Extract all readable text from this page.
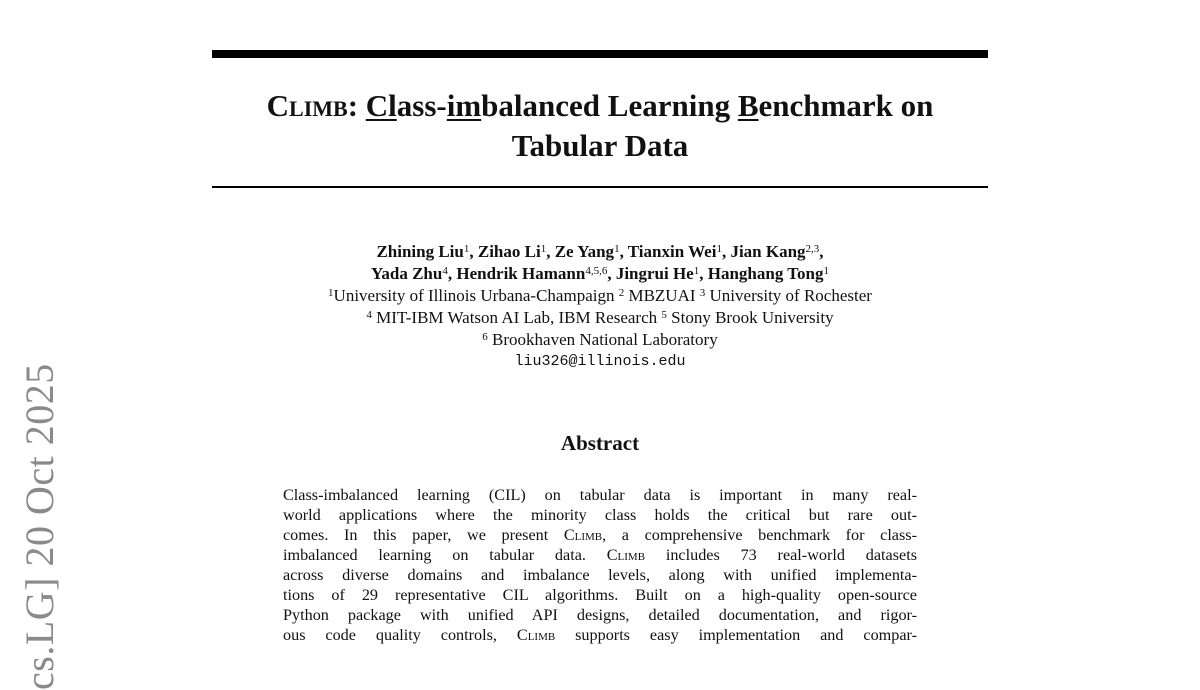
Climb: Class-imbalanced Learning Benchmark on
Tabular Data
Zhining Liu$^1$, Zihao Li$^1$, Ze Yang$^1$, Tianxin Wei$^1$, Jian Kang$^{2,3}$,
Yada Zhu$^4$, Hendrik Hamann$^{4,5,6}$, Jingrui He$^1$, Hanghang Tong$^1$
$^1$University of Illinois Urbana-Champaign $^2$ MBZUAI $^3$ University of Rochester
$^4$ MIT-IBM Watson AI Lab, IBM Research $^5$ Stony Brook University
$^6$ Brookhaven National Laboratory
liu326@illinois.edu
Abstract
Class-imbalanced learning (CIL) on tabular data is important in many real-
world applications where the minority class holds the critical but rare out-
comes. In this paper, we present Climb, a comprehensive benchmark for class-
imbalanced learning on tabular data. Climb includes 73 real-world datasets
across diverse domains and imbalance levels, along with unified implementa-
tions of 29 representative CIL algorithms. Built on a high-quality open-source
Python package with unified API designs, detailed documentation, and rigor-
ous code quality controls, Climb supports easy implementation and compar-
cs.LG] 20 Oct 2025
